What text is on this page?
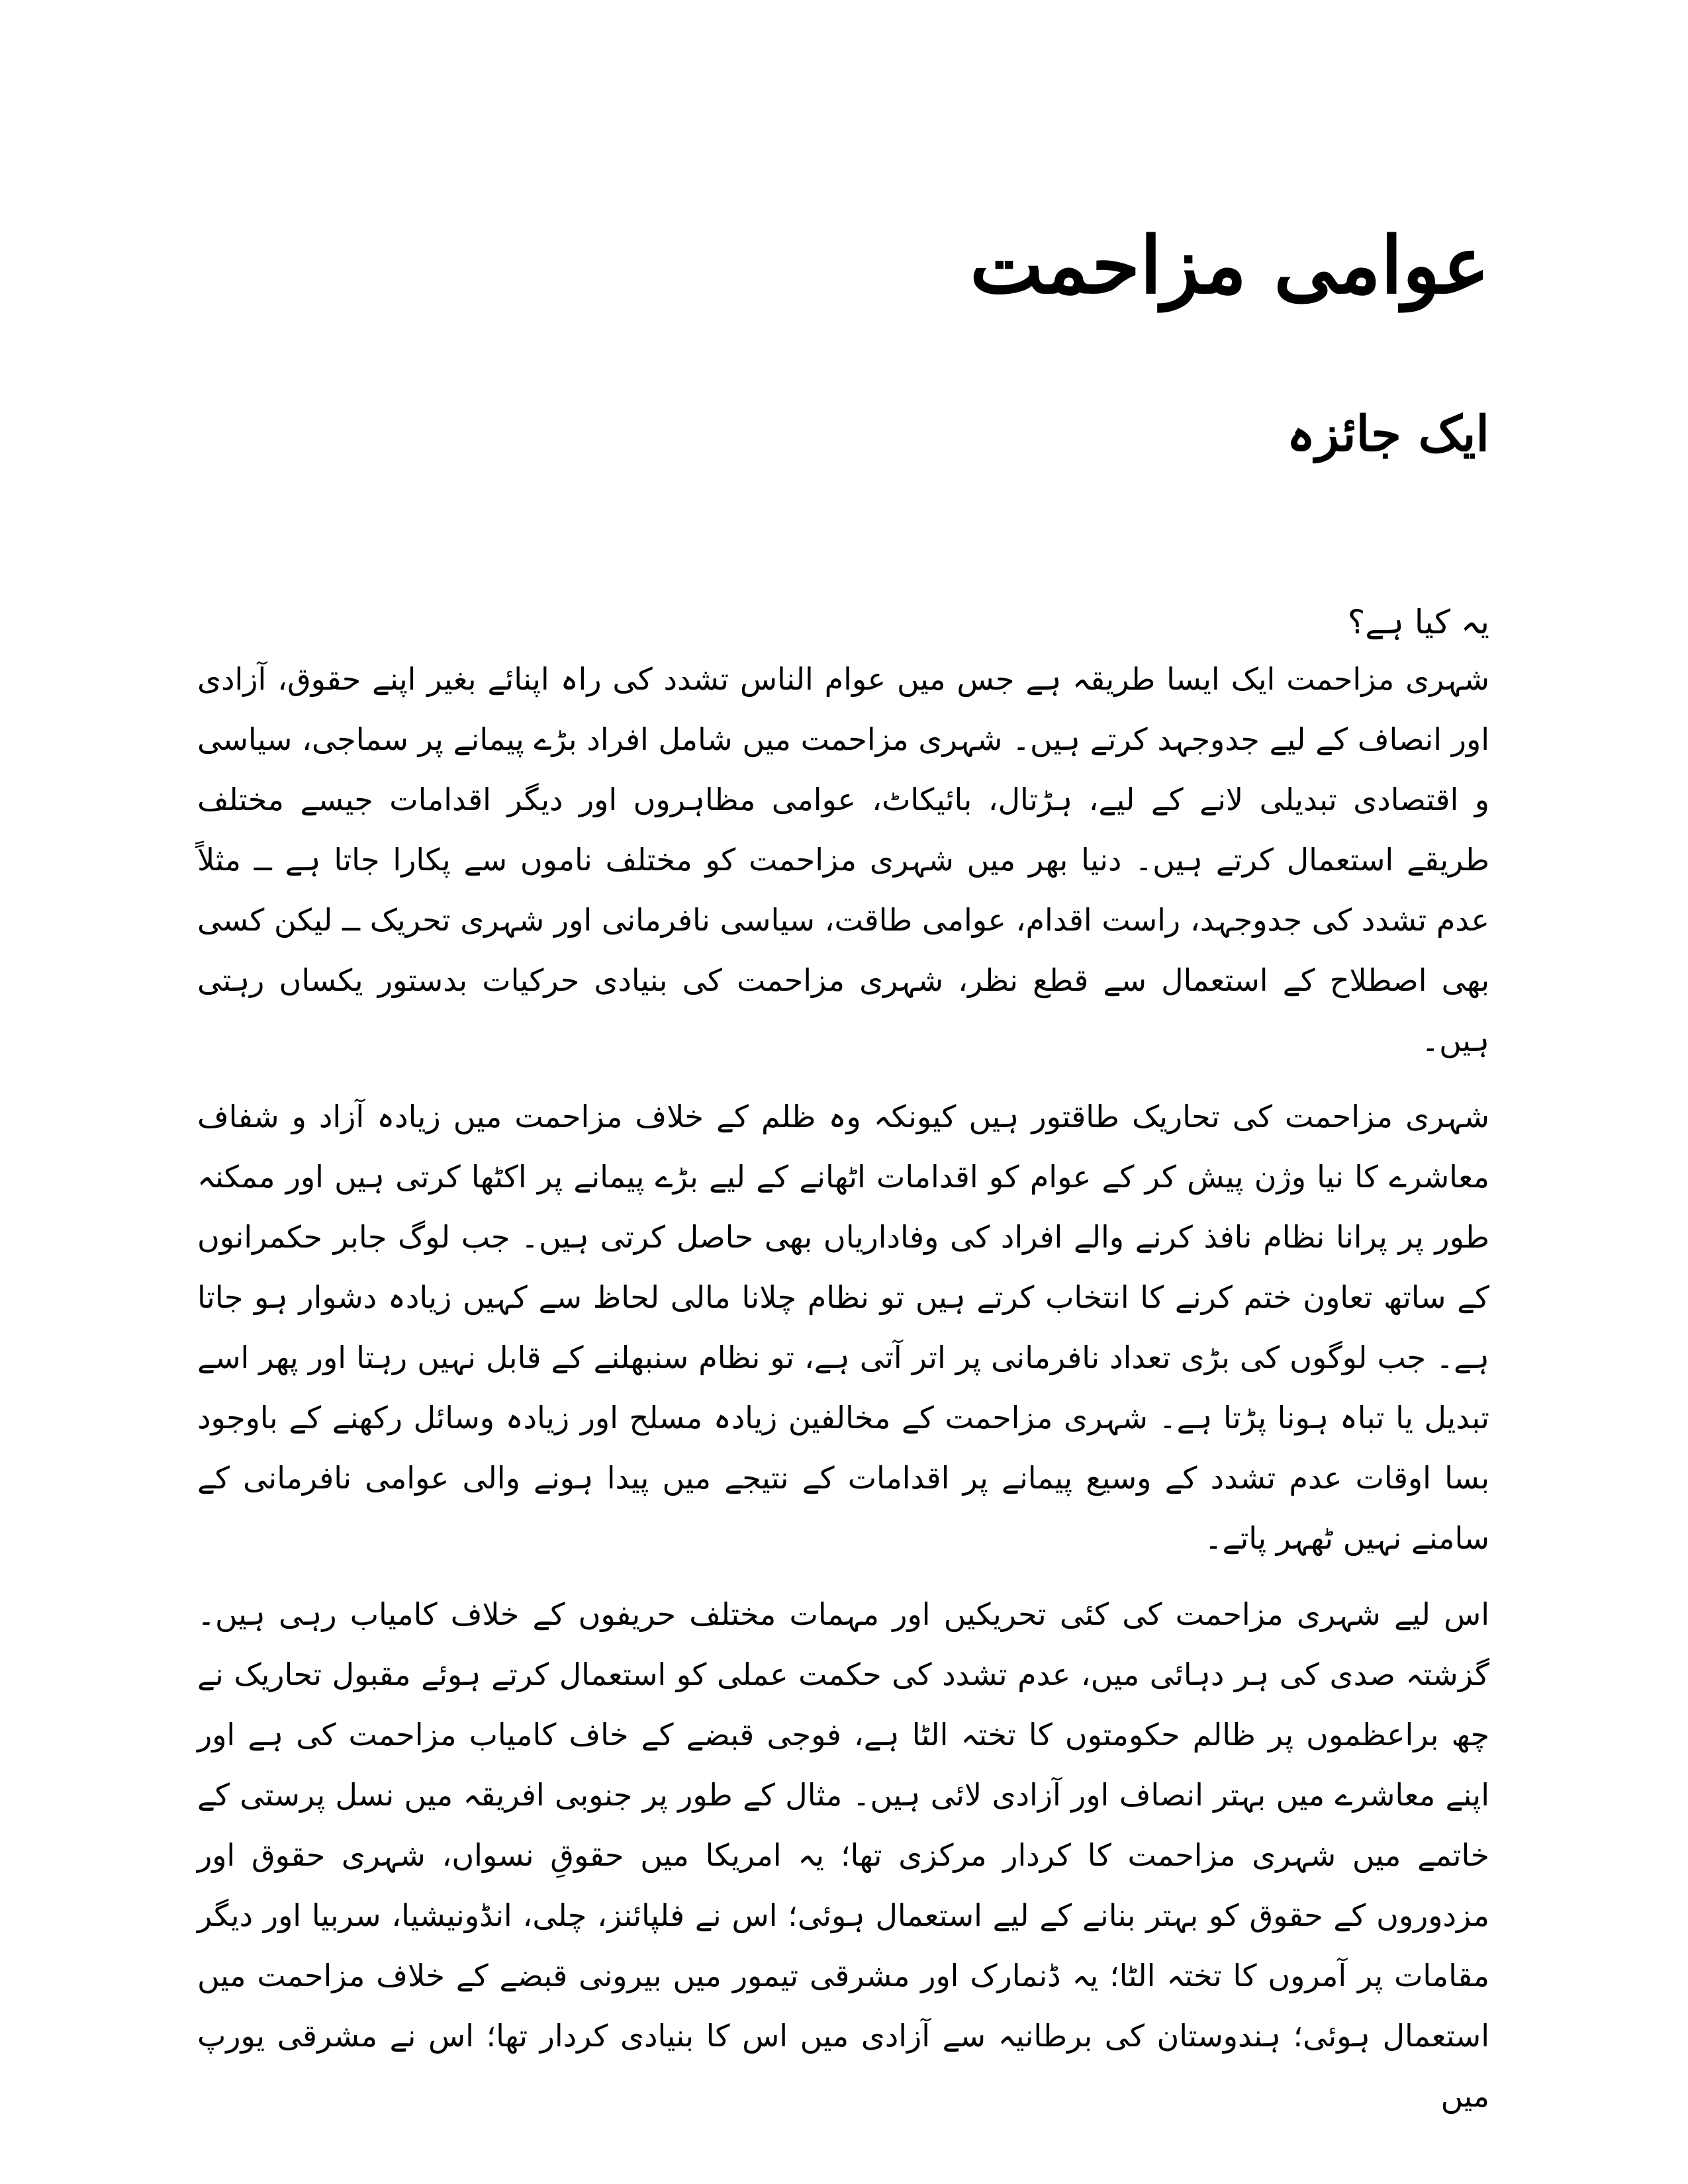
عوامی مزاحمت
ایک جائزہ

یہ کیا ہے؟

شہری مزاحمت ایک ایسا طریقہ ہے جس میں عوام الناس تشدد کی راہ اپنائے بغیر اپنے حقوق، آزادی اور انصاف کے لیے جدوجہد کرتے ہیں۔ شہری مزاحمت میں شامل افراد بڑے پیمانے پر سماجی، سیاسی و اقتصادی تبدیلی لانے کے لیے، ہڑتال، بائیکاٹ، عوامی مظاہروں اور دیگر اقدامات جیسے مختلف طریقے استعمال کرتے ہیں۔ دنیا بھر میں شہری مزاحمت کو مختلف ناموں سے پکارا جاتا ہے ــ مثلاً عدم تشدد کی جدوجہد، راست اقدام، عوامی طاقت، سیاسی نافرمانی اور شہری تحریک ــ لیکن کسی بھی اصطلاح کے استعمال سے قطع نظر، شہری مزاحمت کی بنیادی حرکیات بدستور یکساں رہتی ہیں۔

شہری مزاحمت کی تحاریک طاقتور ہیں کیونکہ وہ ظلم کے خلاف مزاحمت میں زیادہ آزاد و شفاف معاشرے کا نیا وژن پیش کر کے عوام کو اقدامات اٹھانے کے لیے بڑے پیمانے پر اکٹھا کرتی ہیں اور ممکنہ طور پر پرانا نظام نافذ کرنے والے افراد کی وفاداریاں بھی حاصل کرتی ہیں۔ جب لوگ جابر حکمرانوں کے ساتھ تعاون ختم کرنے کا انتخاب کرتے ہیں تو نظام چلانا مالی لحاظ سے کہیں زیادہ دشوار ہو جاتا ہے۔ جب لوگوں کی بڑی تعداد نافرمانی پر اتر آتی ہے، تو نظام سنبھلنے کے قابل نہیں رہتا اور پھر اسے تبدیل یا تباہ ہونا پڑتا ہے۔ شہری مزاحمت کے مخالفین زیادہ مسلح اور زیادہ وسائل رکھنے کے باوجود بسا اوقات عدم تشدد کے وسیع پیمانے پر اقدامات کے نتیجے میں پیدا ہونے والی عوامی نافرمانی کے سامنے نہیں ٹھہر پاتے۔

اس لیے شہری مزاحمت کی کئی تحریکیں اور مہمات مختلف حریفوں کے خلاف کامیاب رہی ہیں۔ گزشتہ صدی کی ہر دہائی میں، عدم تشدد کی حکمت عملی کو استعمال کرتے ہوئے مقبول تحاریک نے چھ براعظموں پر ظالم حکومتوں کا تختہ الٹا ہے، فوجی قبضے کے خاف کامیاب مزاحمت کی ہے اور اپنے معاشرے میں بہتر انصاف اور آزادی لائی ہیں۔ مثال کے طور پر جنوبی افریقہ میں نسل پرستی کے خاتمے میں شہری مزاحمت کا کردار مرکزی تھا؛ یہ امریکا میں حقوقِ نسواں، شہری حقوق اور مزدوروں کے حقوق کو بہتر بنانے کے لیے استعمال ہوئی؛ اس نے فلپائنز، چلی، انڈونیشیا، سربیا اور دیگر مقامات پر آمروں کا تختہ الٹا؛ یہ ڈنمارک اور مشرقی تیمور میں بیرونی قبضے کے خلاف مزاحمت میں استعمال ہوئی؛ ہندوستان کی برطانیہ سے آزادی میں اس کا بنیادی کردار تھا؛ اس نے مشرقی یورپ میں
